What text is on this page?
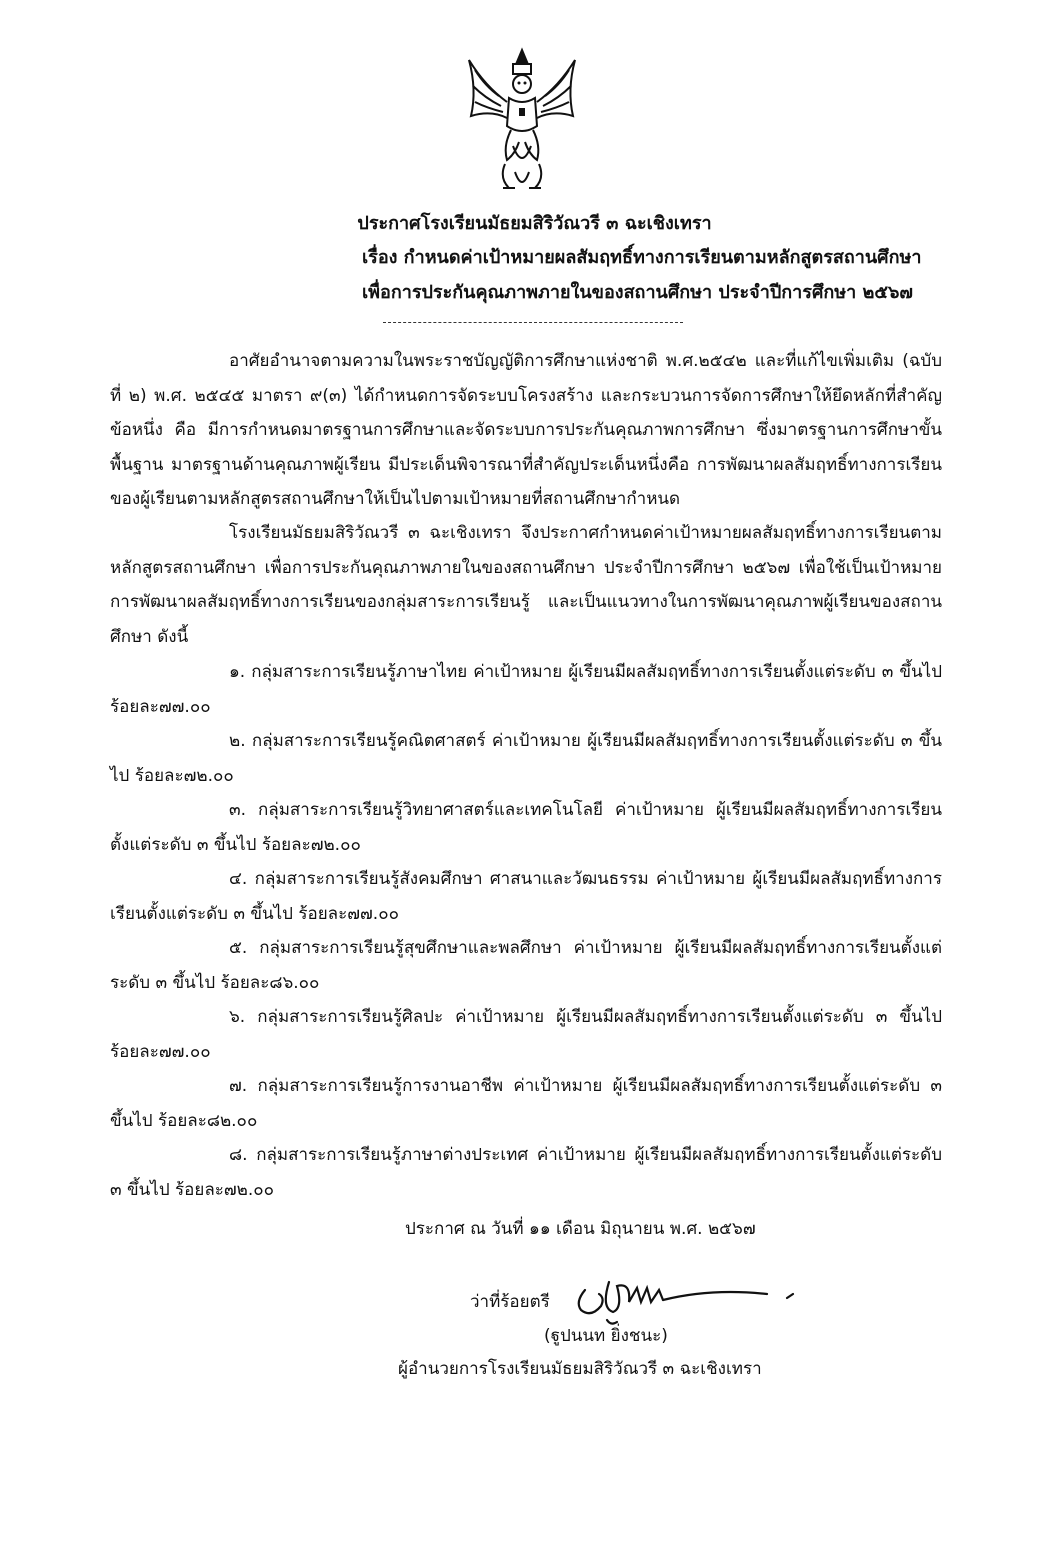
ประกาศโรงเรียนมัธยมสิริวัณวรี ๓ ฉะเชิงเทรา
เรื่อง กำหนดค่าเป้าหมายผลสัมฤทธิ์ทางการเรียนตามหลักสูตรสถานศึกษา
เพื่อการประกันคุณภาพภายในของสถานศึกษา ประจำปีการศึกษา ๒๕๖๗
อาศัยอำนาจตามความในพระราชบัญญัติการศึกษาแห่งชาติ พ.ศ.๒๕๔๒ และที่แก้ไขเพิ่มเติม (ฉบับที่ ๒) พ.ศ. ๒๕๔๕ มาตรา ๙(๓) ได้กำหนดการจัดระบบโครงสร้าง และกระบวนการจัดการศึกษาให้ยึดหลักที่สำคัญข้อหนึ่ง คือ มีการกำหนดมาตรฐานการศึกษาและจัดระบบการประกันคุณภาพการศึกษา ซึ่งมาตรฐานการศึกษาขั้นพื้นฐาน มาตรฐานด้านคุณภาพผู้เรียน มีประเด็นพิจารณาที่สำคัญประเด็นหนึ่งคือ การพัฒนาผลสัมฤทธิ์ทางการเรียนของผู้เรียนตามหลักสูตรสถานศึกษาให้เป็นไปตามเป้าหมายที่สถานศึกษากำหนด
โรงเรียนมัธยมสิริวัณวรี ๓ ฉะเชิงเทรา จึงประกาศกำหนดค่าเป้าหมายผลสัมฤทธิ์ทางการเรียนตามหลักสูตรสถานศึกษา เพื่อการประกันคุณภาพภายในของสถานศึกษา ประจำปีการศึกษา ๒๕๖๗ เพื่อใช้เป็นเป้าหมายการพัฒนาผลสัมฤทธิ์ทางการเรียนของกลุ่มสาระการเรียนรู้ และเป็นแนวทางในการพัฒนาคุณภาพผู้เรียนของสถานศึกษา ดังนี้
๑. กลุ่มสาระการเรียนรู้ภาษาไทย ค่าเป้าหมาย ผู้เรียนมีผลสัมฤทธิ์ทางการเรียนตั้งแต่ระดับ ๓ ขึ้นไป ร้อยละ๗๗.๐๐
๒. กลุ่มสาระการเรียนรู้คณิตศาสตร์ ค่าเป้าหมาย ผู้เรียนมีผลสัมฤทธิ์ทางการเรียนตั้งแต่ระดับ ๓ ขึ้นไป ร้อยละ๗๒.๐๐
๓. กลุ่มสาระการเรียนรู้วิทยาศาสตร์และเทคโนโลยี ค่าเป้าหมาย ผู้เรียนมีผลสัมฤทธิ์ทางการเรียนตั้งแต่ระดับ ๓ ขึ้นไป ร้อยละ๗๒.๐๐
๔. กลุ่มสาระการเรียนรู้สังคมศึกษา ศาสนาและวัฒนธรรม ค่าเป้าหมาย ผู้เรียนมีผลสัมฤทธิ์ทางการเรียนตั้งแต่ระดับ ๓ ขึ้นไป ร้อยละ๗๗.๐๐
๕. กลุ่มสาระการเรียนรู้สุขศึกษาและพลศึกษา ค่าเป้าหมาย ผู้เรียนมีผลสัมฤทธิ์ทางการเรียนตั้งแต่ระดับ ๓ ขึ้นไป ร้อยละ๘๖.๐๐
๖. กลุ่มสาระการเรียนรู้ศิลปะ ค่าเป้าหมาย ผู้เรียนมีผลสัมฤทธิ์ทางการเรียนตั้งแต่ระดับ ๓ ขึ้นไป ร้อยละ๗๗.๐๐
๗. กลุ่มสาระการเรียนรู้การงานอาชีพ ค่าเป้าหมาย ผู้เรียนมีผลสัมฤทธิ์ทางการเรียนตั้งแต่ระดับ ๓ ขึ้นไป ร้อยละ๘๒.๐๐
๘. กลุ่มสาระการเรียนรู้ภาษาต่างประเทศ ค่าเป้าหมาย ผู้เรียนมีผลสัมฤทธิ์ทางการเรียนตั้งแต่ระดับ ๓ ขึ้นไป ร้อยละ๗๒.๐๐
ประกาศ ณ วันที่ ๑๑ เดือน มิถุนายน พ.ศ. ๒๕๖๗
ว่าที่ร้อยตรี
(ฐูปนนท ยิ่งชนะ)
ผู้อำนวยการโรงเรียนมัธยมสิริวัณวรี ๓ ฉะเชิงเทรา
